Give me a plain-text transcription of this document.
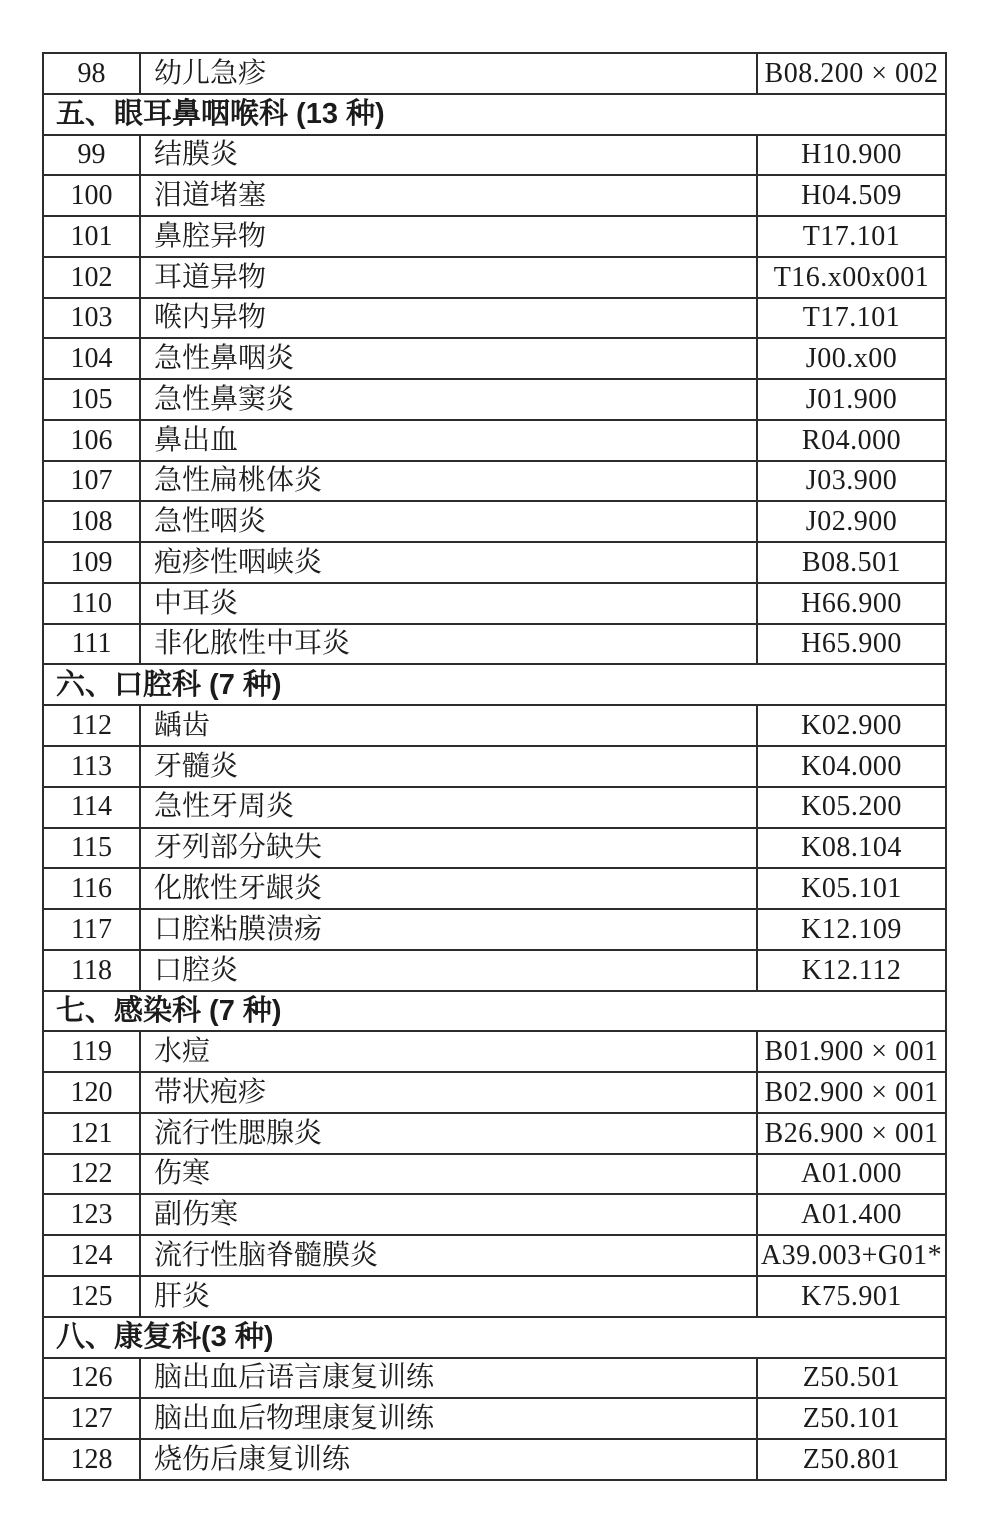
98	幼儿急疹	B08.200 × 002
五、眼耳鼻咽喉科 (13 种)		
99	结膜炎	H10.900
100	泪道堵塞	H04.509
101	鼻腔异物	T17.101
102	耳道异物	T16.x00x001
103	喉内异物	T17.101
104	急性鼻咽炎	J00.x00
105	急性鼻窦炎	J01.900
106	鼻出血	R04.000
107	急性扁桃体炎	J03.900
108	急性咽炎	J02.900
109	疱疹性咽峡炎	B08.501
110	中耳炎	H66.900
111	非化脓性中耳炎	H65.900
六、口腔科 (7 种)		
112	龋齿	K02.900
113	牙髓炎	K04.000
114	急性牙周炎	K05.200
115	牙列部分缺失	K08.104
116	化脓性牙龈炎	K05.101
117	口腔粘膜溃疡	K12.109
118	口腔炎	K12.112
七、感染科 (7 种)		
119	水痘	B01.900 × 001
120	带状疱疹	B02.900 × 001
121	流行性腮腺炎	B26.900 × 001
122	伤寒	A01.000
123	副伤寒	A01.400
124	流行性脑脊髓膜炎	A39.003+G01*
125	肝炎	K75.901
八、康复科(3 种)		
126	脑出血后语言康复训练	Z50.501
127	脑出血后物理康复训练	Z50.101
128	烧伤后康复训练	Z50.801
